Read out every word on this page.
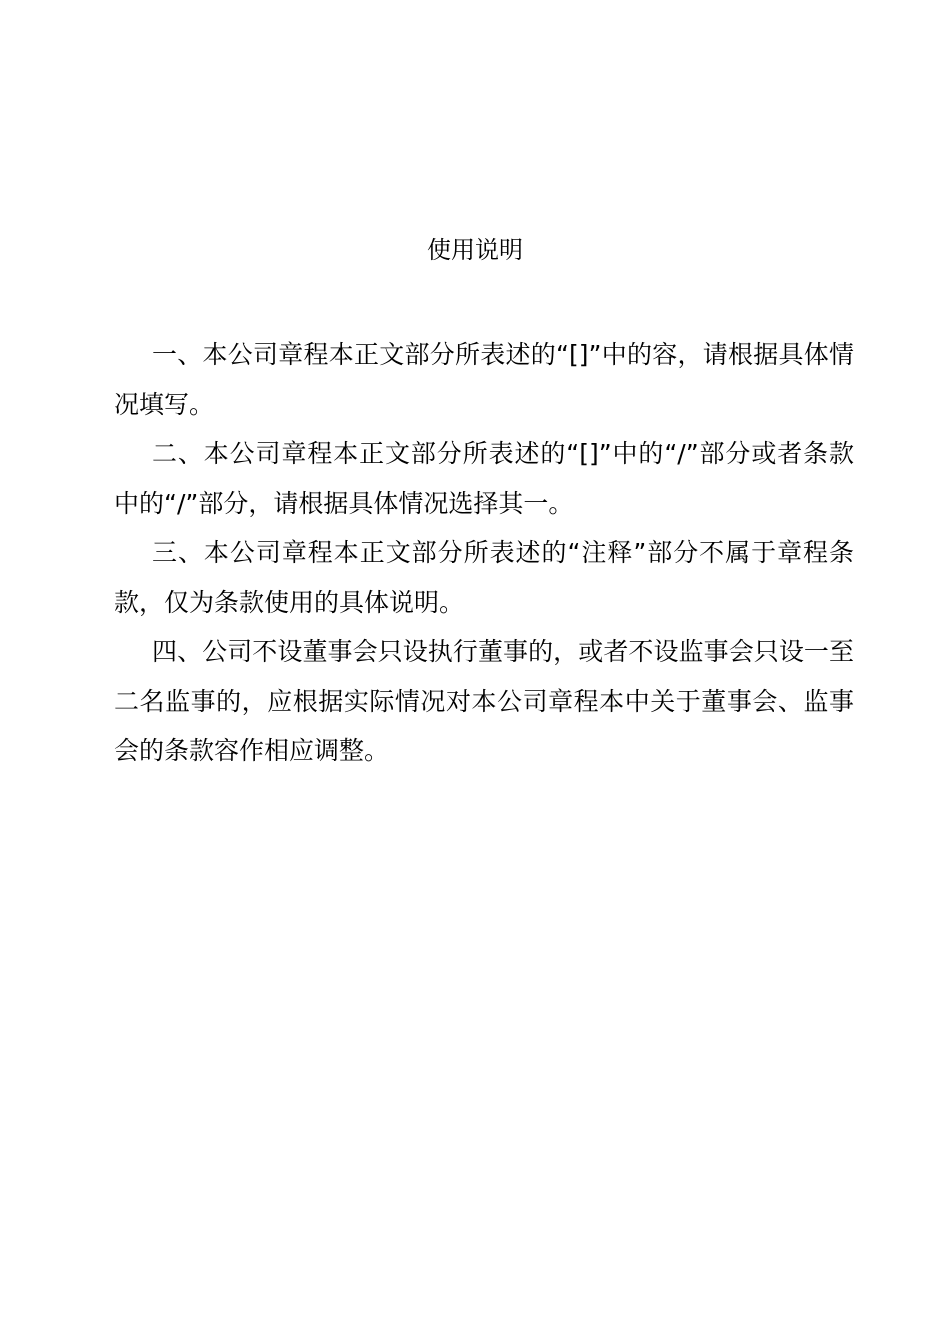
使用说明

一、本公司章程本正文部分所表述的“[]”中的容，请根据具体情况填写。

二、本公司章程本正文部分所表述的“[]”中的“/”部分或者条款中的“/”部分，请根据具体情况选择其一。

三、本公司章程本正文部分所表述的“注释”部分不属于章程条款，仅为条款使用的具体说明。

四、公司不设董事会只设执行董事的，或者不设监事会只设一至二名监事的，应根据实际情况对本公司章程本中关于董事会、监事会的条款容作相应调整。
